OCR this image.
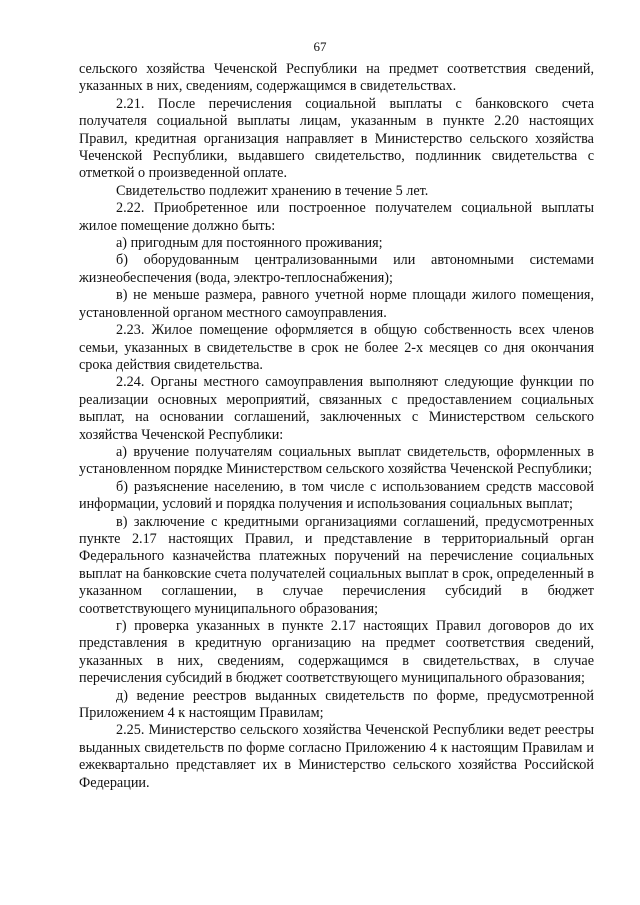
67

сельского хозяйства Чеченской Республики на предмет соответствия сведений, указанных в них, сведениям, содержащимся в свидетельствах.

2.21. После перечисления социальной выплаты с банковского счета получателя социальной выплаты лицам, указанным в пункте 2.20 настоящих Правил, кредитная организация направляет в Министерство сельского хозяйства Чеченской Республики, выдавшего свидетельство, подлинник свидетельства с отметкой о произведенной оплате.

Свидетельство подлежит хранению в течение 5 лет.

2.22. Приобретенное или построенное получателем социальной выплаты жилое помещение должно быть:

а) пригодным для постоянного проживания;

б) оборудованным централизованными или автономными системами жизнеобеспечения (вода, электро-теплоснабжения);

в) не меньше размера, равного учетной норме площади жилого помещения, установленной органом местного самоуправления.

2.23. Жилое помещение оформляется в общую собственность всех членов семьи, указанных в свидетельстве в срок не более 2-х месяцев со дня окончания срока действия свидетельства.

2.24. Органы местного самоуправления выполняют следующие функции по реализации основных мероприятий, связанных с предоставлением социальных выплат, на основании соглашений, заключенных с Министерством сельского хозяйства Чеченской Республики:

а) вручение получателям социальных выплат свидетельств, оформленных в установленном порядке Министерством сельского хозяйства Чеченской Республики;

б) разъяснение населению, в том числе с использованием средств массовой информации, условий и порядка получения и использования социальных выплат;

в) заключение с кредитными организациями соглашений, предусмотренных пункте 2.17 настоящих Правил, и представление в территориальный орган Федерального казначейства платежных поручений на перечисление социальных выплат на банковские счета получателей социальных выплат в срок, определенный в указанном соглашении, в случае перечисления субсидий в бюджет соответствующего муниципального образования;

г) проверка указанных в пункте 2.17 настоящих Правил договоров до их представления в кредитную организацию на предмет соответствия сведений, указанных в них, сведениям, содержащимся в свидетельствах, в случае перечисления субсидий в бюджет соответствующего муниципального образования;

д) ведение реестров выданных свидетельств по форме, предусмотренной Приложением 4 к настоящим Правилам;

2.25. Министерство сельского хозяйства Чеченской Республики ведет реестры выданных свидетельств по форме согласно Приложению 4 к настоящим Правилам и ежеквартально представляет их в Министерство сельского хозяйства Российской Федерации.
